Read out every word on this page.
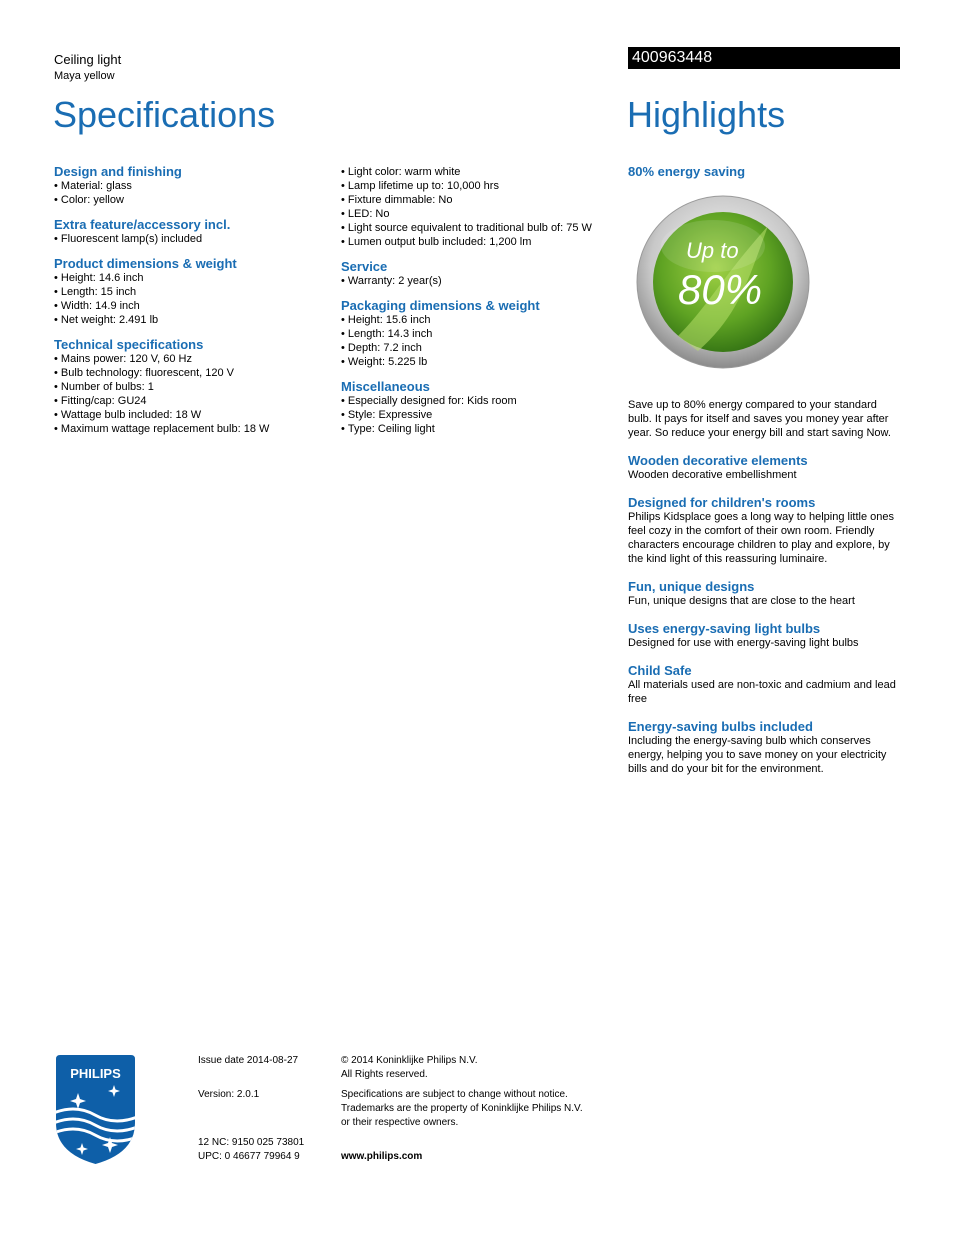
Ceiling light
Maya yellow
400963448
Specifications	Highlights
Design and finishing
• Material: glass
• Color: yellow
Extra feature/accessory incl.
• Fluorescent lamp(s) included
Product dimensions & weight
• Height: 14.6 inch
• Length: 15 inch
• Width: 14.9 inch
• Net weight: 2.491 lb
Technical specifications
• Mains power: 120 V, 60 Hz
• Bulb technology: fluorescent, 120 V
• Number of bulbs: 1
• Fitting/cap: GU24
• Wattage bulb included: 18 W
• Maximum wattage replacement bulb: 18 W
• Light color: warm white
• Lamp lifetime up to: 10,000 hrs
• Fixture dimmable: No
• LED: No
• Light source equivalent to traditional bulb of: 75 W
• Lumen output bulb included: 1,200 lm
Service
• Warranty: 2 year(s)
Packaging dimensions & weight
• Height: 15.6 inch
• Length: 14.3 inch
• Depth: 7.2 inch
• Weight: 5.225 lb
Miscellaneous
• Especially designed for: Kids room
• Style: Expressive
• Type: Ceiling light
80% energy saving
Up to
80%

Save up to 80% energy compared to your standard bulb. It pays for itself and saves you money year after year. So reduce your energy bill and start saving Now.

Wooden decorative elements

Wooden decorative embellishment

Designed for children's rooms

Philips Kidsplace goes a long way to helping little ones feel cozy in the comfort of their own room. Friendly characters encourage children to play and explore, by the kind light of this reassuring luminaire.

Fun, unique designs

Fun, unique designs that are close to the heart

Uses energy-saving light bulbs

Designed for use with energy-saving light bulbs

Child Safe

All materials used are non-toxic and cadmium and lead free

Energy-saving bulbs included

Including the energy-saving bulb which conserves energy, helping you to save money on your electricity bills and do your bit for the environment.

PHILIPS

Issue date 2014-08-27

Version: 2.0.1

12 NC: 9150 025 73801

UPC: 0 46677 79964 9

© 2014 Koninklijke Philips N.V.

All Rights reserved.

Specifications are subject to change without notice.

Trademarks are the property of Koninklijke Philips N.V.

or their respective owners.

www.philips.com
